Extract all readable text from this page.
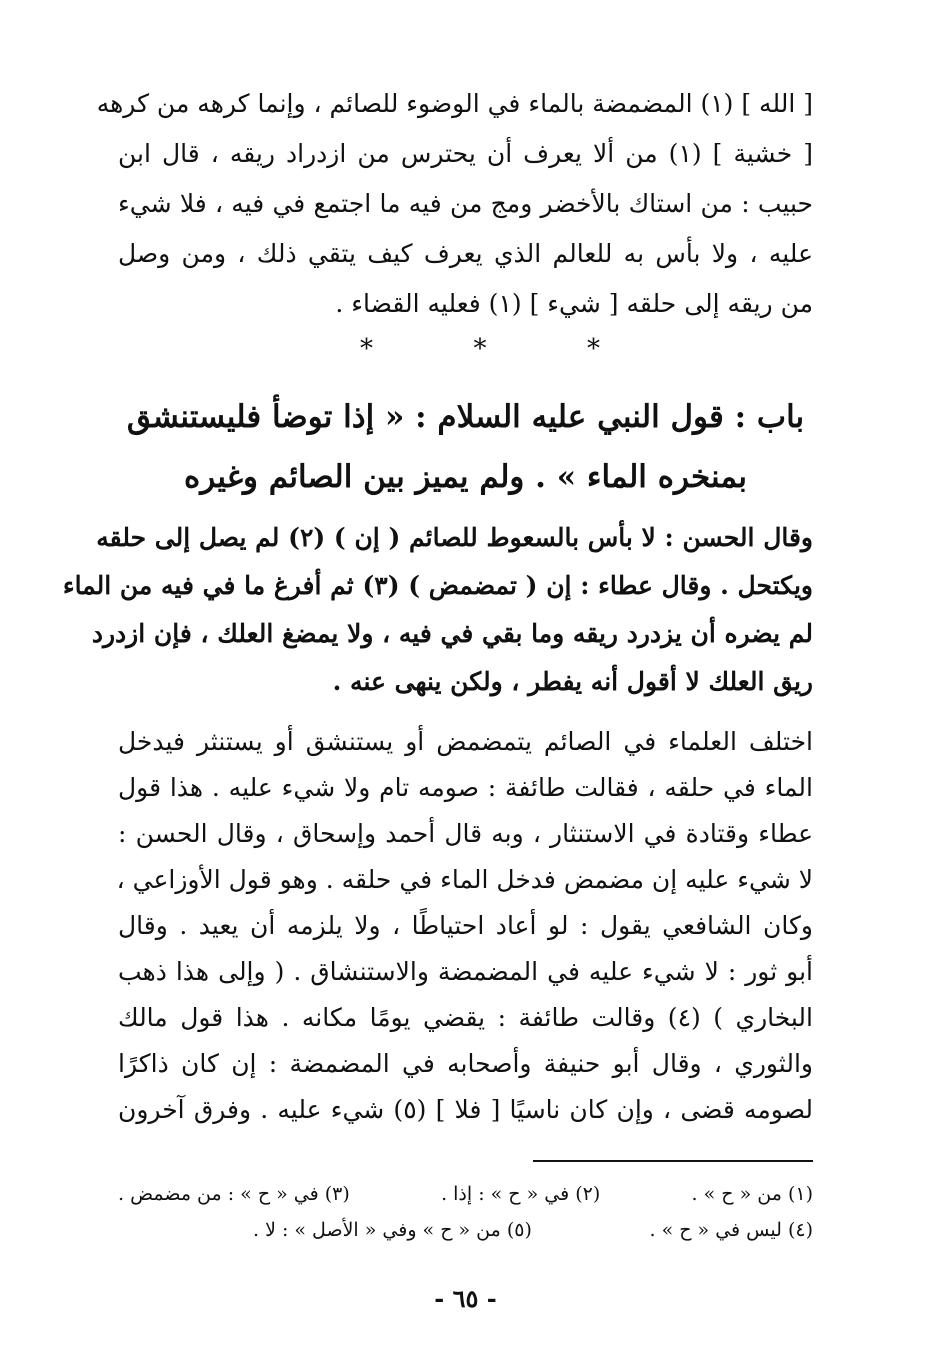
[ الله ] (١) المضمضة بالماء في الوضوء للصائم ، وإنما كرهه من كرهه
[ خشية ] (١) من ألا يعرف أن يحترس من ازدراد ريقه ، قال ابن
حبيب : من استاك بالأخضر ومج من فيه ما اجتمع في فيه ، فلا شيء
عليه ، ولا بأس به للعالم الذي يعرف كيف يتقي ذلك ، ومن وصل
من ريقه إلى حلقه [ شيء ] (١) فعليه القضاء .
*	*	*
باب : قول النبي عليه السلام : « إذا توضأ فليستنشق
بمنخره الماء » . ولم يميز بين الصائم وغيره
وقال الحسن : لا بأس بالسعوط للصائم ( إن ) (٢) لم يصل إلى حلقه
ويكتحل . وقال عطاء : إن ( تمضمض ) (٣) ثم أفرغ ما في فيه من الماء
لم يضره أن يزدرد ريقه وما بقي في فيه ، ولا يمضغ العلك ، فإن ازدرد
ريق العلك لا أقول أنه يفطر ، ولكن ينهى عنه .
اختلف العلماء في الصائم يتمضمض أو يستنشق أو يستنثر فيدخل
الماء في حلقه ، فقالت طائفة : صومه تام ولا شيء عليه . هذا قول
عطاء وقتادة في الاستنثار ، وبه قال أحمد وإسحاق ، وقال الحسن :
لا شيء عليه إن مضمض فدخل الماء في حلقه . وهو قول الأوزاعي ،
وكان الشافعي يقول : لو أعاد احتياطًا ، ولا يلزمه أن يعيد . وقال
أبو ثور : لا شيء عليه في المضمضة والاستنشاق . ( وإلى هذا ذهب
البخاري ) (٤) وقالت طائفة : يقضي يومًا مكانه . هذا قول مالك
والثوري ، وقال أبو حنيفة وأصحابه في المضمضة : إن كان ذاكرًا
لصومه قضى ، وإن كان ناسيًا [ فلا ] (٥) شيء عليه . وفرق آخرون
(١) من « ح » .
(٢) في « ح » : إذا .
(٣) في « ح » : من مضمض .
(٤) ليس في « ح » .
(٥) من « ح » وفي « الأصل » : لا .
- ٦٥ -
